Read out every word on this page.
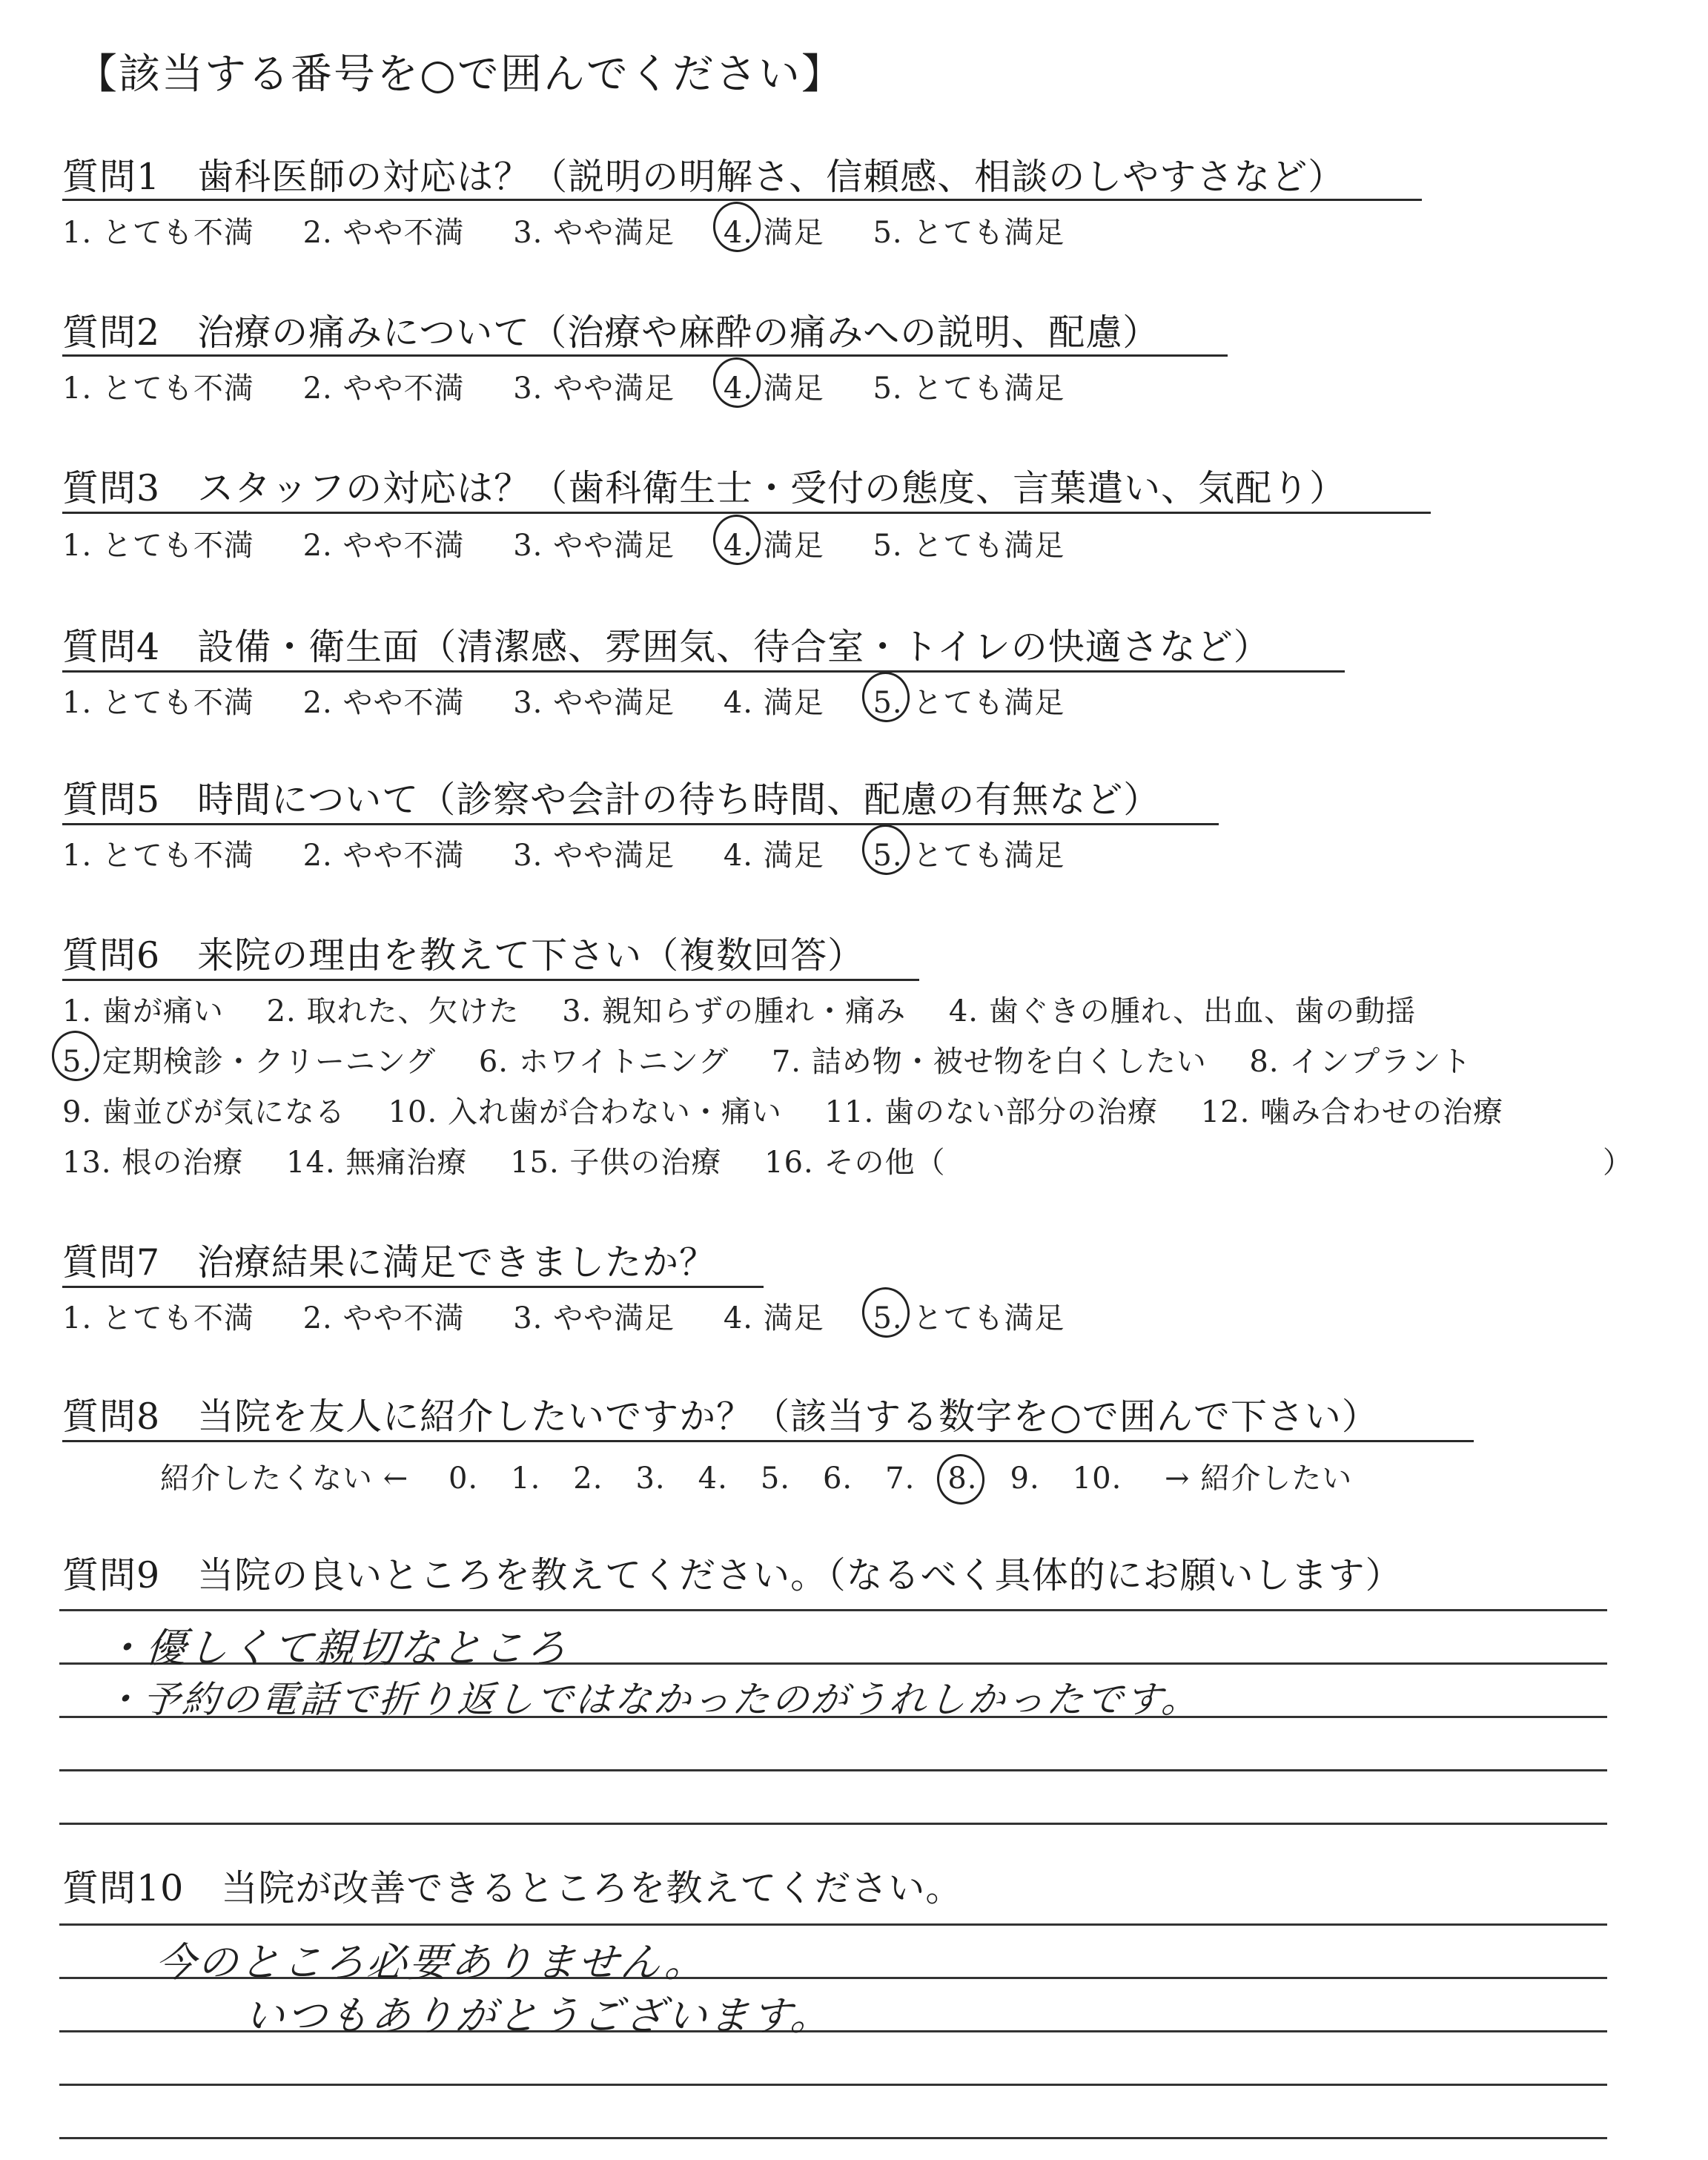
【該当する番号を○で囲んでください】
質問1　歯科医師の対応は？（説明の明解さ、信頼感、相談のしやすさなど）
1. とても不満 2. やや不満 3. やや満足 4. 満足 5. とても満足
質問2　治療の痛みについて（治療や麻酔の痛みへの説明、配慮）
1. とても不満 2. やや不満 3. やや満足 4. 満足 5. とても満足
質問3　スタッフの対応は？（歯科衛生士・受付の態度、言葉遣い、気配り）
1. とても不満 2. やや不満 3. やや満足 4. 満足 5. とても満足
質問4　設備・衛生面（清潔感、雰囲気、待合室・トイレの快適さなど）
1. とても不満 2. やや不満 3. やや満足 4. 満足 5. とても満足
質問5　時間について（診察や会計の待ち時間、配慮の有無など）
1. とても不満 2. やや不満 3. やや満足 4. 満足 5. とても満足
質問6　来院の理由を教えて下さい（複数回答）
1. 歯が痛い 2. 取れた、欠けた 3. 親知らずの腫れ・痛み 4. 歯ぐきの腫れ、出血、歯の動揺
5. 定期検診・クリーニング 6. ホワイトニング 7. 詰め物・被せ物を白くしたい 8. インプラント
9. 歯並びが気になる 10. 入れ歯が合わない・痛い 11. 歯のない部分の治療 12. 噛み合わせの治療
13. 根の治療 14. 無痛治療 15. 子供の治療 16. その他（	）
質問7　治療結果に満足できましたか？
1. とても不満 2. やや不満 3. やや満足 4. 満足 5. とても満足
質問8　当院を友人に紹介したいですか？（該当する数字を○で囲んで下さい）
紹介したくない ← 0. 1. 2. 3. 4. 5. 6. 7. 8. 9. 10. → 紹介したい
質問9　当院の良いところを教えてください。（なるべく具体的にお願いします）
・優しくて親切なところ
・予約の電話で折り返しではなかったのがうれしかったです。
質問10　当院が改善できるところを教えてください。
今のところ必要ありません。
いつもありがとうございます。
